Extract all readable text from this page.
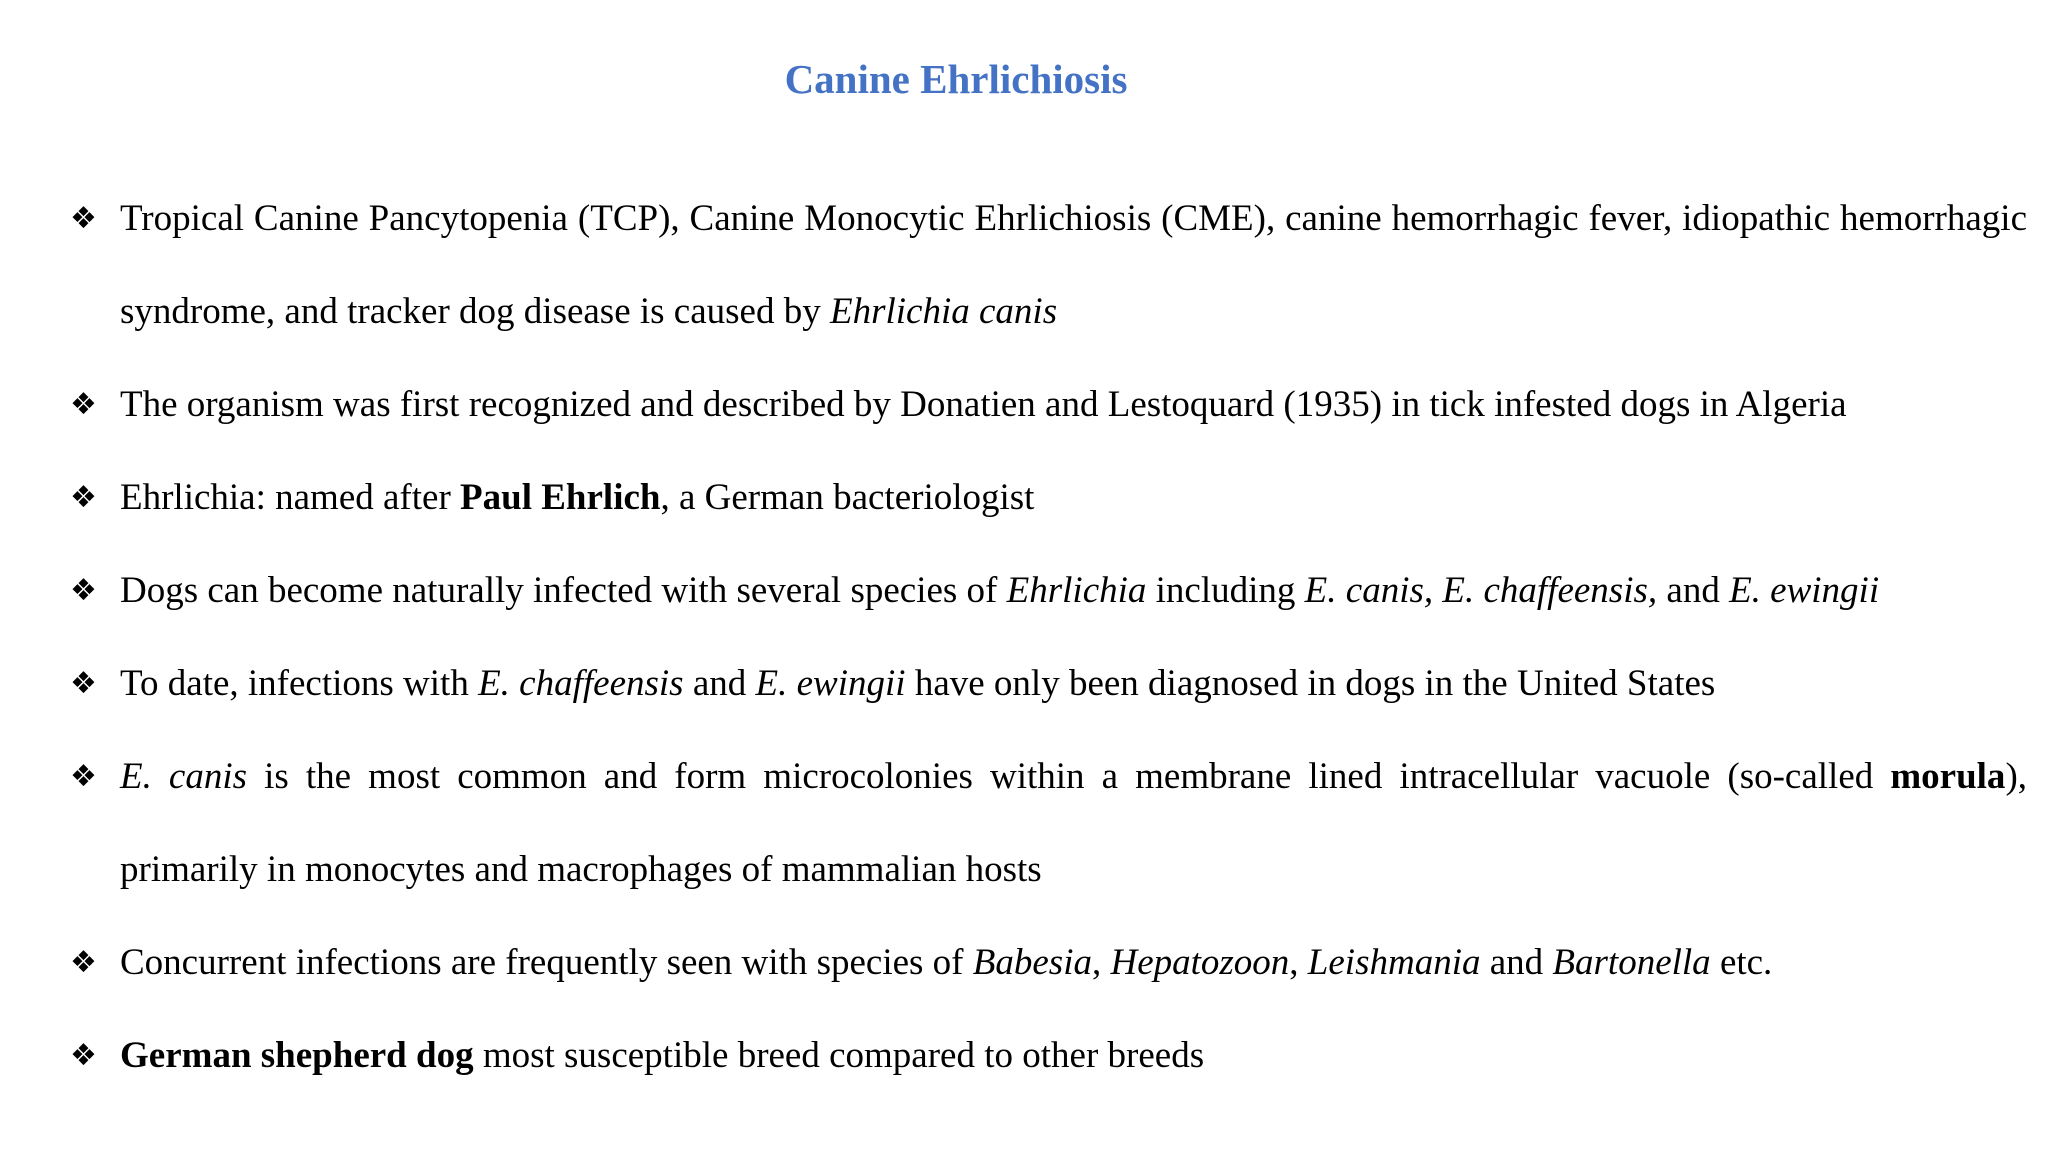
Canine Ehrlichiosis
❖ Tropical Canine Pancytopenia (TCP), Canine Monocytic Ehrlichiosis (CME), canine hemorrhagic fever, idiopathic hemorrhagic syndrome, and tracker dog disease is caused by Ehrlichia canis
❖ The organism was first recognized and described by Donatien and Lestoquard (1935) in tick infested dogs in Algeria
❖ Ehrlichia: named after Paul Ehrlich, a German bacteriologist
❖ Dogs can become naturally infected with several species of Ehrlichia including E. canis, E. chaffeensis, and E. ewingii
❖ To date, infections with E. chaffeensis and E. ewingii have only been diagnosed in dogs in the United States
❖ E. canis is the most common and form microcolonies within a membrane lined intracellular vacuole (so-called morula), primarily in monocytes and macrophages of mammalian hosts
❖ Concurrent infections are frequently seen with species of Babesia, Hepatozoon, Leishmania and Bartonella etc.
❖ German shepherd dog most susceptible breed compared to other breeds
